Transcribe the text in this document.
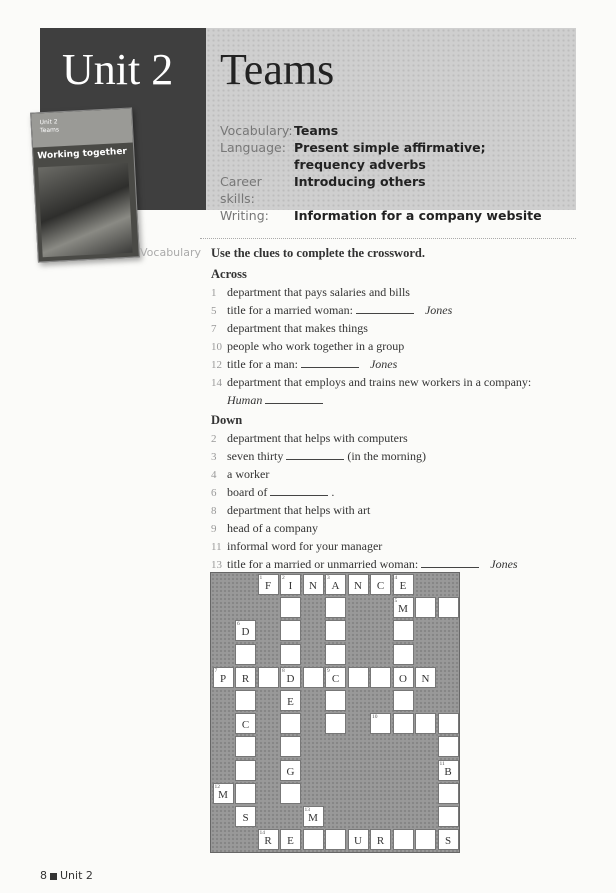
Unit 2 Teams
Vocabulary: Teams
Language: Present simple affirmative; frequency adverbs
Career skills:
Introducing others
Writing:	Information for a company website
Unit 2
Teams
Working together
Vocabulary Use the clues to complete the crossword.
Across
1 department that pays salaries and bills
5 title for a married woman:	Jones
7 department that makes things
10 people who work together in a group
12 title for a man:	Jones
14 department that employs and trains new workers in a company:
Human
Down
2 department that helps with computers
3 seven thirty	(in the morning)
4 a worker
6 board of	.
8 department that helps with art
9 head of a company
11 informal word for your manager
13 title for a married or unmarried woman:	Jones
1
F
2
I	N
3
A	N	C
4
E
5
M
6
D
7
P	R
8
D
9
C	O	N
E
C
10
G
11
B
12
M
S
13
M
14
R	E	U	R	S
8 Unit 2
